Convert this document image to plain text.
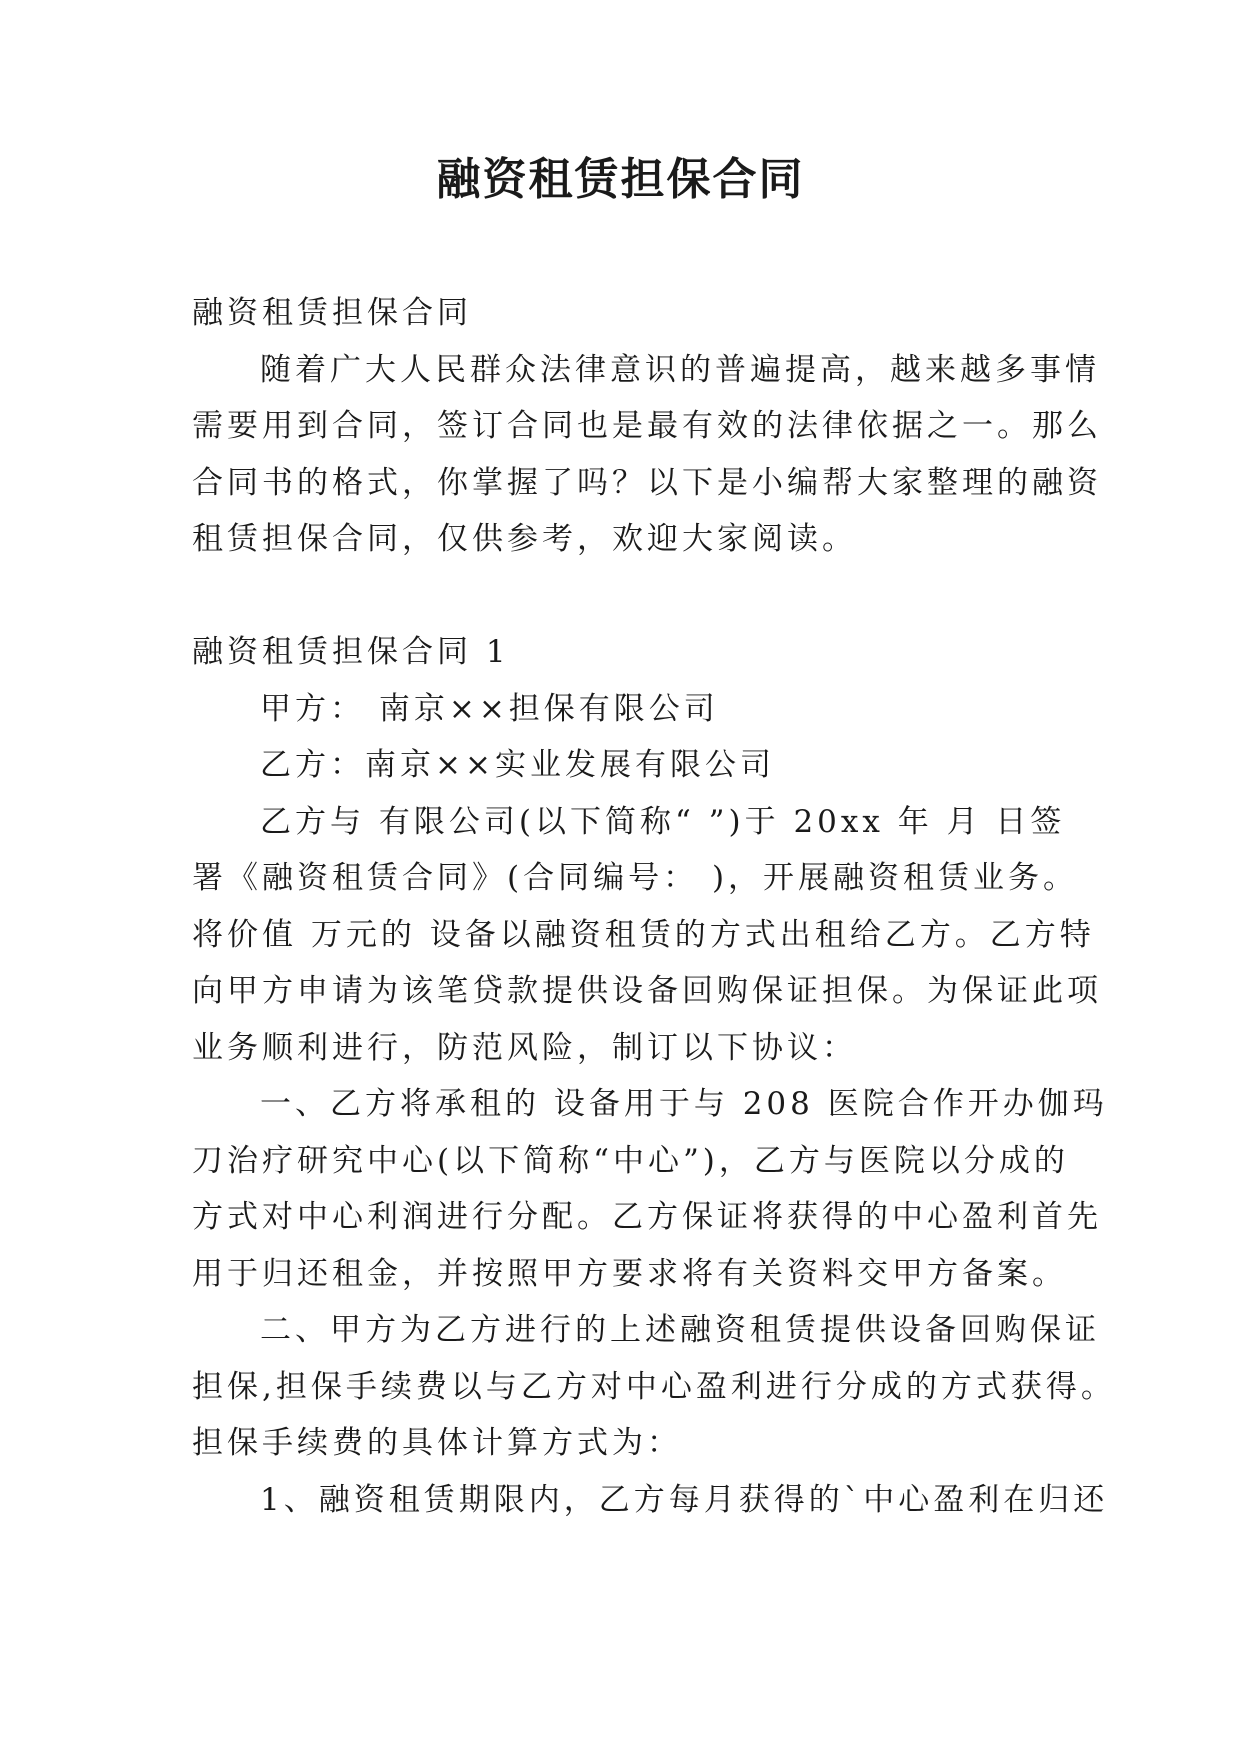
融资租赁担保合同

融资租赁担保合同

随着广大人民群众法律意识的普遍提高，越来越多事情

需要用到合同，签订合同也是最有效的法律依据之一。那么

合同书的格式，你掌握了吗？以下是小编帮大家整理的融资

租赁担保合同，仅供参考，欢迎大家阅读。

融资租赁担保合同 1

甲方： 南京××担保有限公司

乙方：南京××实业发展有限公司

乙方与 有限公司(以下简称“ ”)于 20xx 年 月 日签

署《融资租赁合同》(合同编号： )，开展融资租赁业务。

将价值 万元的 设备以融资租赁的方式出租给乙方。乙方特

向甲方申请为该笔贷款提供设备回购保证担保。为保证此项

业务顺利进行，防范风险，制订以下协议：

一、乙方将承租的 设备用于与 208 医院合作开办伽玛

刀治疗研究中心(以下简称“中心”)，乙方与医院以分成的

方式对中心利润进行分配。乙方保证将获得的中心盈利首先

用于归还租金，并按照甲方要求将有关资料交甲方备案。

二、甲方为乙方进行的上述融资租赁提供设备回购保证

担保,担保手续费以与乙方对中心盈利进行分成的方式获得。

担保手续费的具体计算方式为：

1、融资租赁期限内，乙方每月获得的`中心盈利在归还
